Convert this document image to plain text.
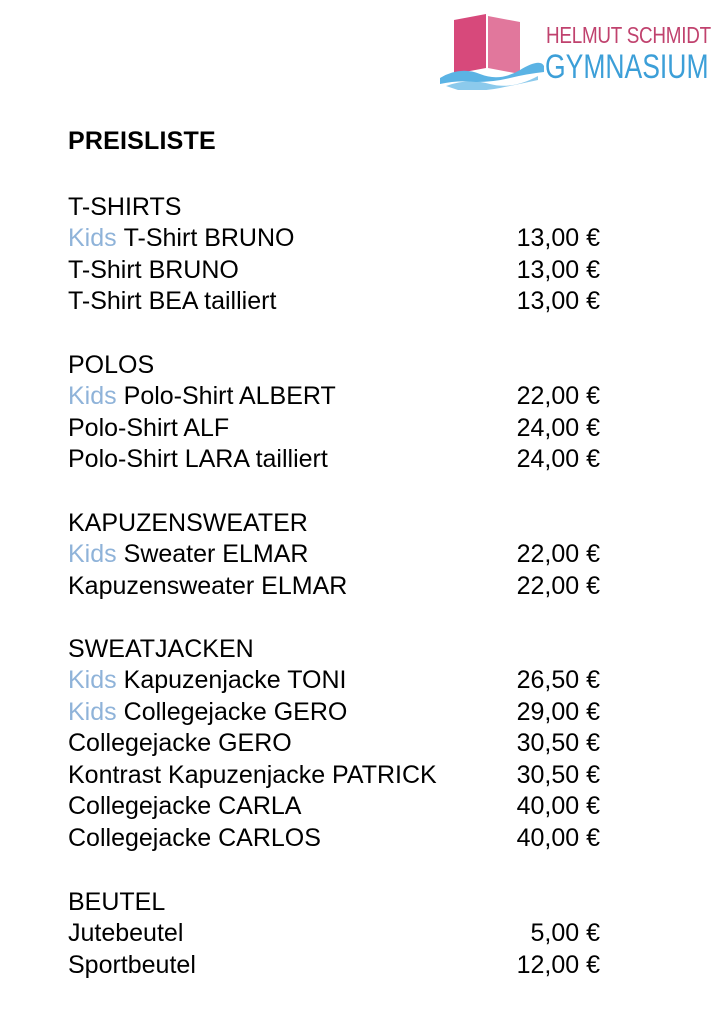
HELMUT SCHMIDT
GYMNASIUM
PREISLISTE
T-SHIRTS
Kids T-Shirt BRUNO	13,00 €
T-Shirt BRUNO	13,00 €
T-Shirt BEA tailliert	13,00 €
POLOS
Kids Polo-Shirt ALBERT	22,00 €
Polo-Shirt ALF	24,00 €
Polo-Shirt LARA tailliert	24,00 €
KAPUZENSWEATER
Kids Sweater ELMAR	22,00 €
Kapuzensweater ELMAR	22,00 €
SWEATJACKEN
Kids Kapuzenjacke TONI	26,50 €
Kids Collegejacke GERO	29,00 €
Collegejacke GERO	30,50 €
Kontrast Kapuzenjacke PATRICK	30,50 €
Collegejacke CARLA	40,00 €
Collegejacke CARLOS	40,00 €
BEUTEL
Jutebeutel	5,00 €
Sportbeutel	12,00 €
